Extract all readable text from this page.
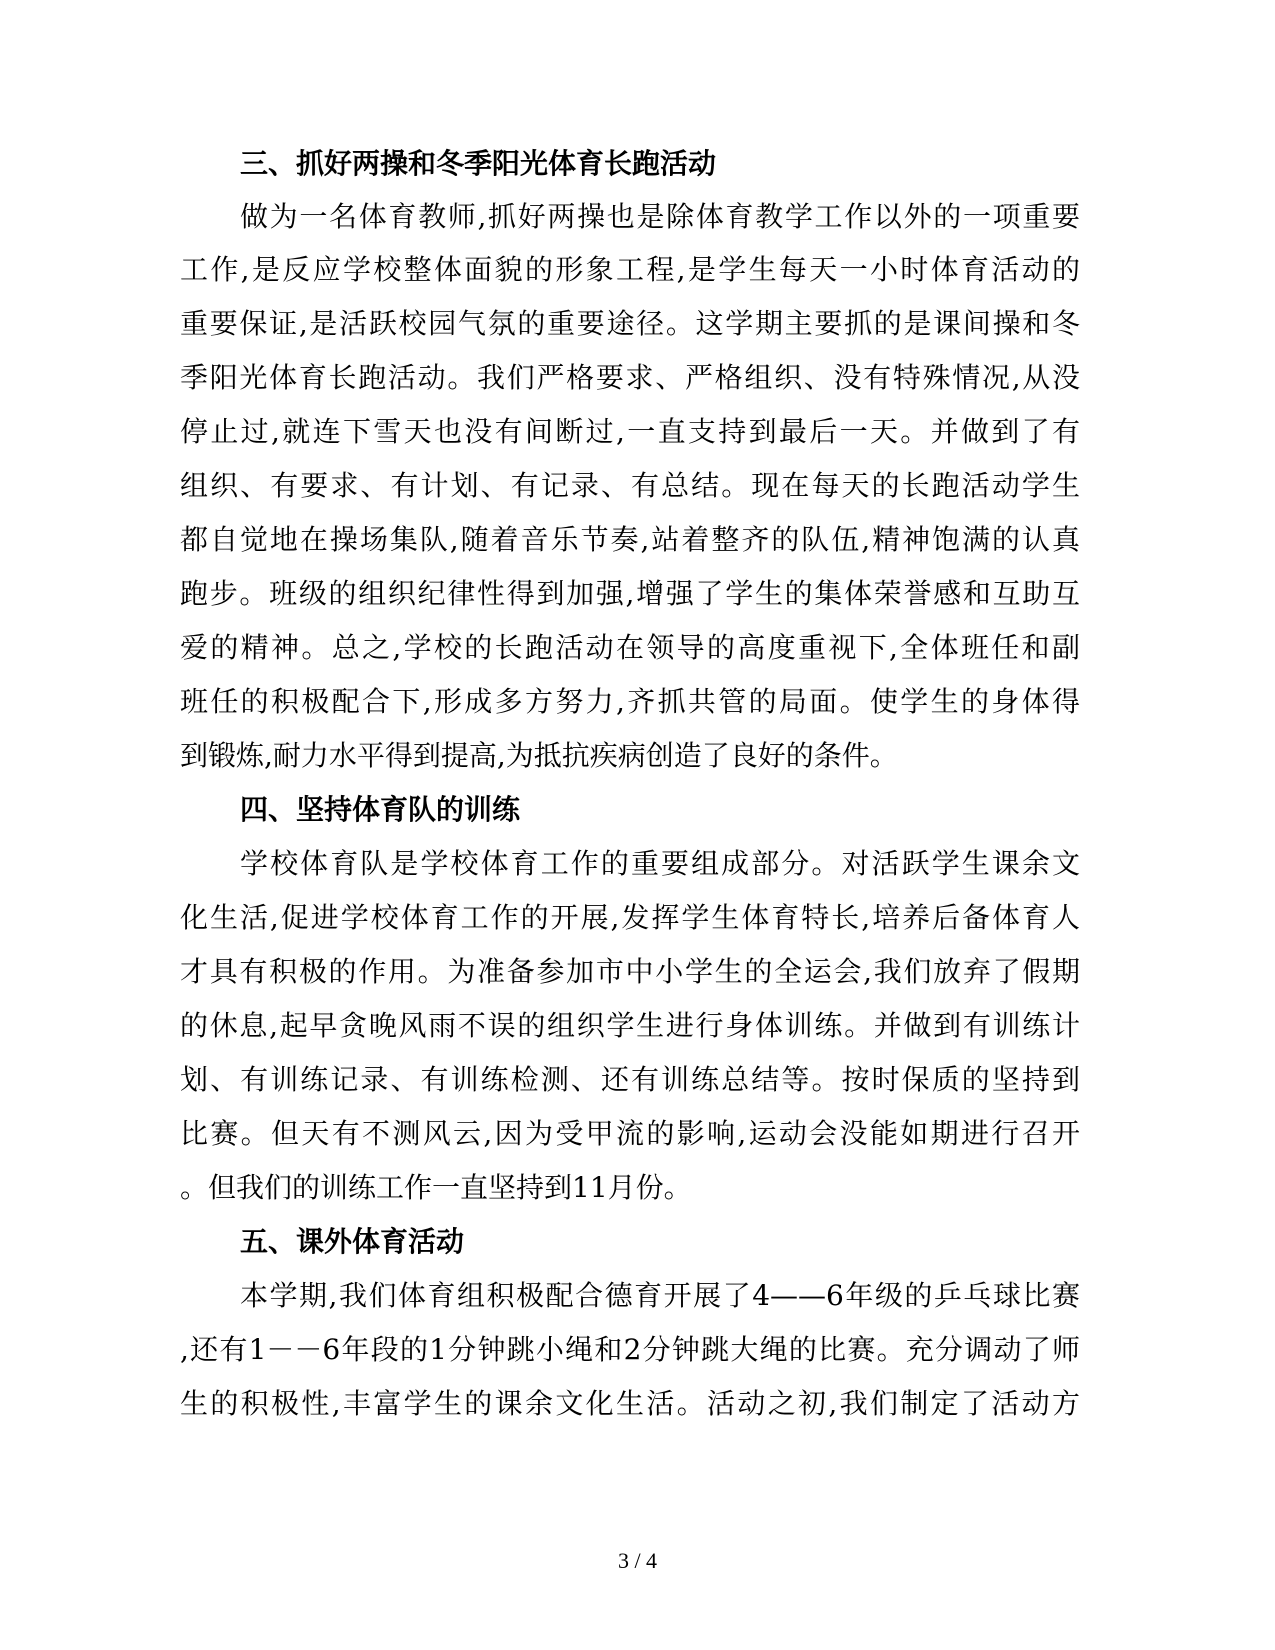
三、抓好两操和冬季阳光体育长跑活动
做为一名体育教师,抓好两操也是除体育教学工作以外的一项重要
工作,是反应学校整体面貌的形象工程,是学生每天一小时体育活动的
重要保证,是活跃校园气氛的重要途径。这学期主要抓的是课间操和冬
季阳光体育长跑活动。我们严格要求、严格组织、没有特殊情况,从没
停止过,就连下雪天也没有间断过,一直支持到最后一天。并做到了有
组织、有要求、有计划、有记录、有总结。现在每天的长跑活动学生
都自觉地在操场集队,随着音乐节奏,站着整齐的队伍,精神饱满的认真
跑步。班级的组织纪律性得到加强,增强了学生的集体荣誉感和互助互
爱的精神。总之,学校的长跑活动在领导的高度重视下,全体班任和副
班任的积极配合下,形成多方努力,齐抓共管的局面。使学生的身体得
到锻炼,耐力水平得到提高,为抵抗疾病创造了良好的条件。
四、坚持体育队的训练
学校体育队是学校体育工作的重要组成部分。对活跃学生课余文
化生活,促进学校体育工作的开展,发挥学生体育特长,培养后备体育人
才具有积极的作用。为准备参加市中小学生的全运会,我们放弃了假期
的休息,起早贪晚风雨不误的组织学生进行身体训练。并做到有训练计
划、有训练记录、有训练检测、还有训练总结等。按时保质的坚持到
比赛。但天有不测风云,因为受甲流的影响,运动会没能如期进行召开
。但我们的训练工作一直坚持到11月份。
五、课外体育活动
本学期,我们体育组积极配合德育开展了4——6年级的乒乓球比赛
,还有1－－6年段的1分钟跳小绳和2分钟跳大绳的比赛。充分调动了师
生的积极性,丰富学生的课余文化生活。活动之初,我们制定了活动方
3 / 4
